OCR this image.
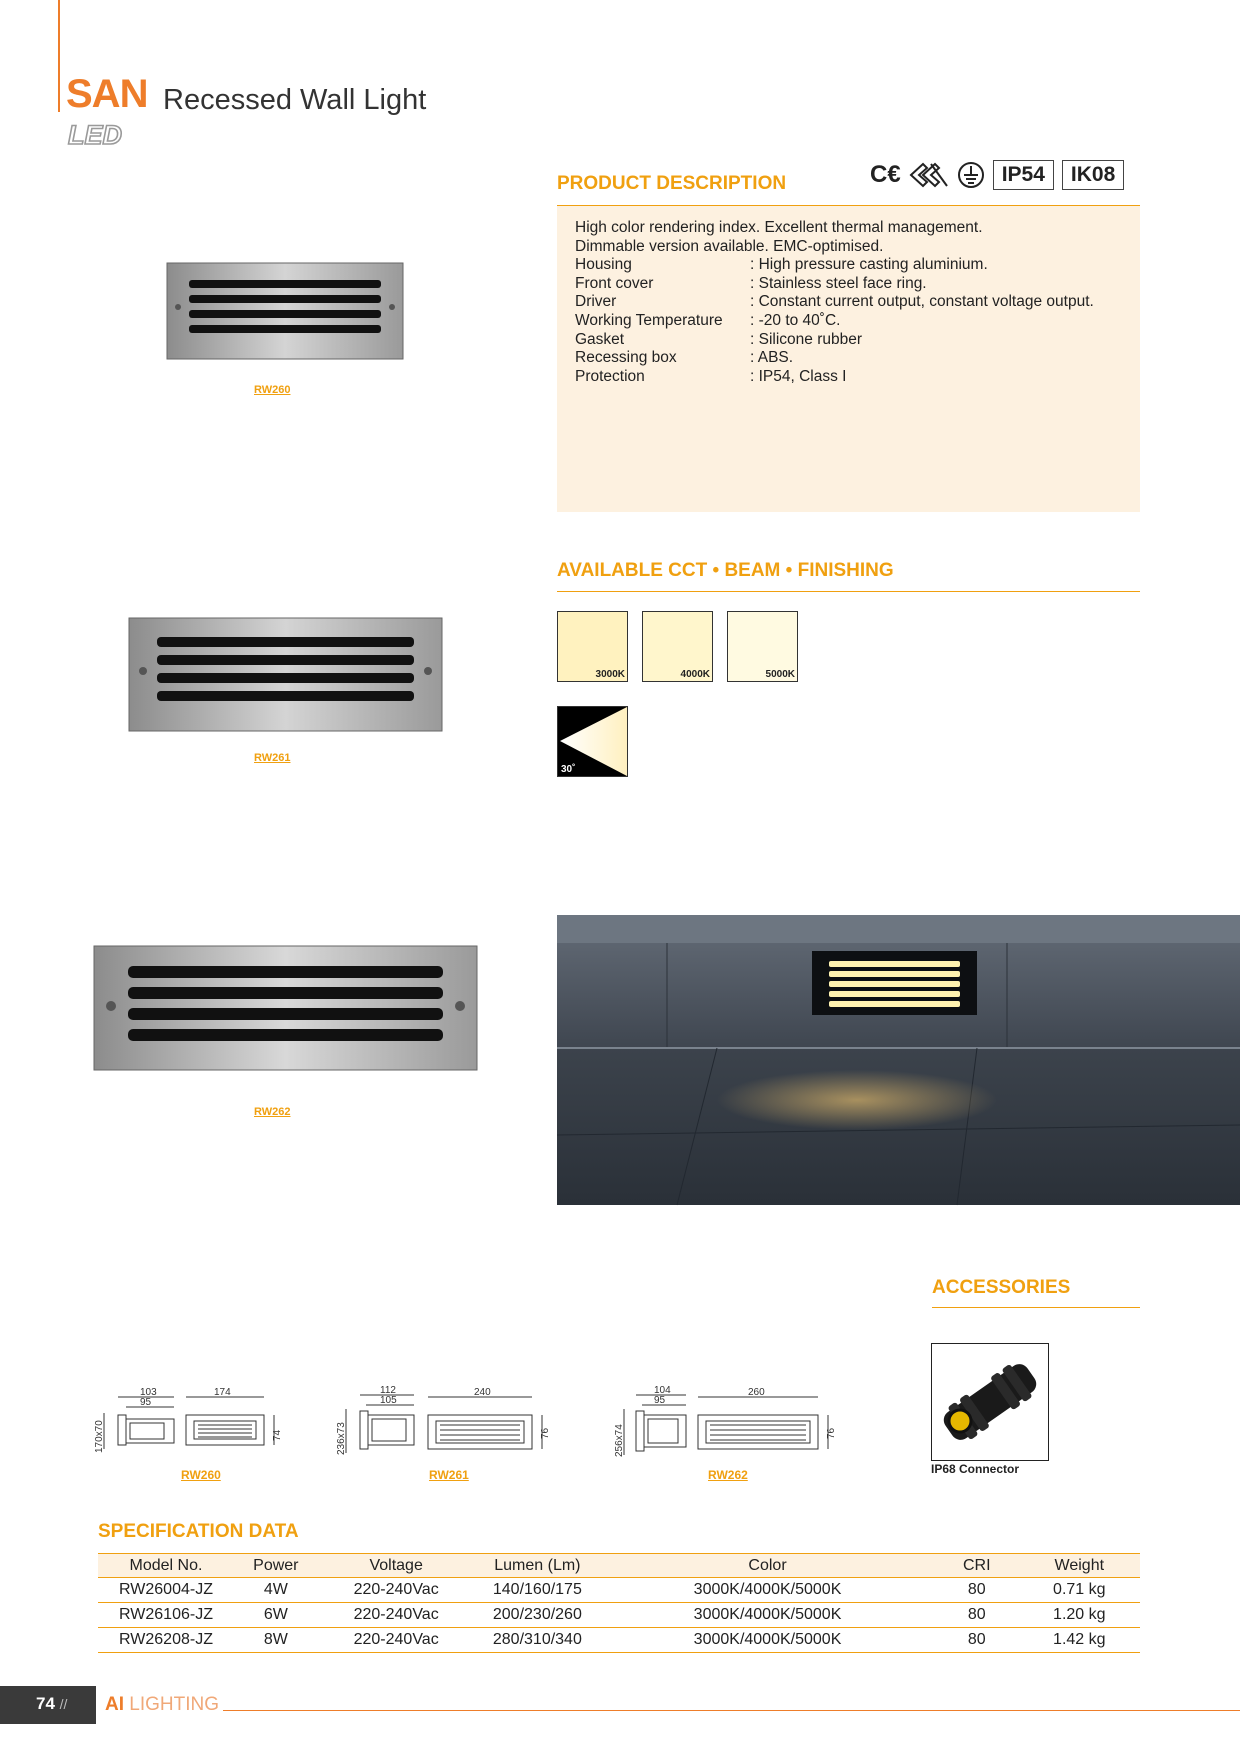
SAN Recessed Wall Light
LED
PRODUCT DESCRIPTION	C€	IP54	IK08
High color rendering index. Excellent thermal management.
Dimmable version available. EMC-optimised.
Housing	: High pressure casting aluminium.
Front cover	: Stainless steel face ring.
Driver	: Constant current output, constant voltage output.
Working Temperature	: -20 to 40˚C.
Gasket	: Silicone rubber
Recessing box	: ABS.
Protection	: IP54, Class I
RW260
RW261
RW262
AVAILABLE CCT • BEAM • FINISHING
3000K	4000K	5000K
30˚
ACCESSORIES
IP68 Connector
103
95
174
170x70	74
112
105
240
236x73	76
104
95
260
256x74	76
RW260	RW261	RW262
SPECIFICATION DATA
Model No.	Power	Voltage	Lumen (Lm)	Color	CRI	Weight
RW26004-JZ	4W	220-240Vac	140/160/175	3000K/4000K/5000K	80	0.71 kg
RW26106-JZ	6W	220-240Vac	200/230/260	3000K/4000K/5000K	80	1.20 kg
RW26208-JZ	8W	220-240Vac	280/310/340	3000K/4000K/5000K	80	1.42 kg
74 // AI LIGHTING
